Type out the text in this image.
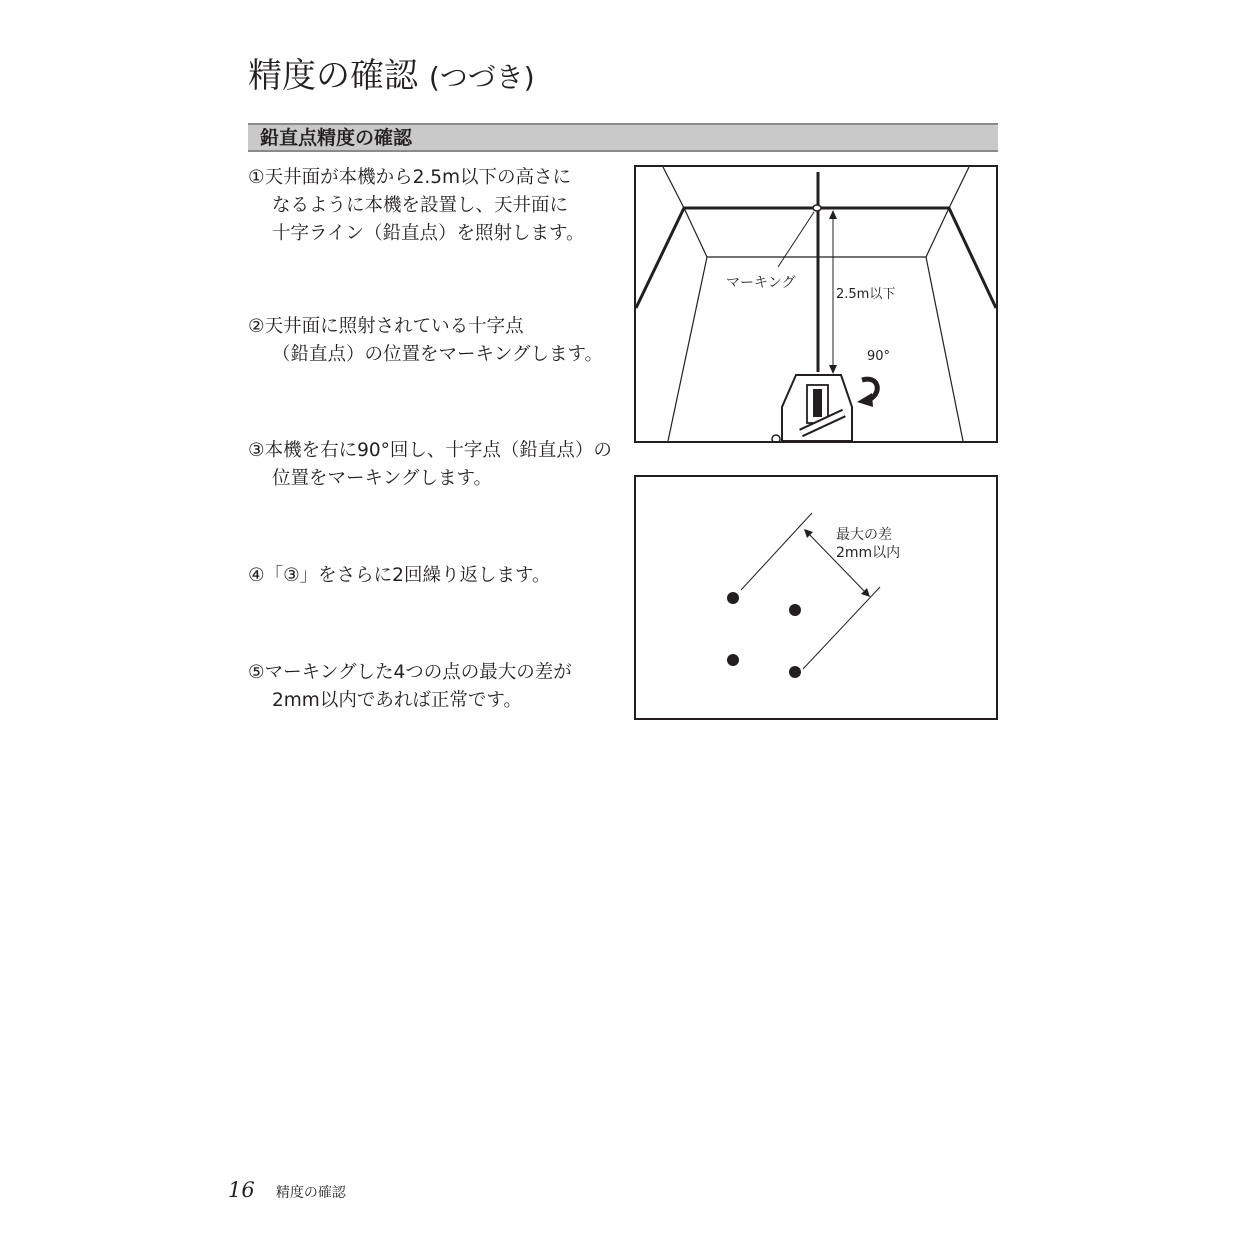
精度の確認 (つづき)
鉛直点精度の確認
①天井面が本機から2.5m以下の高さに
なるように本機を設置し、天井面に
十字ライン（鉛直点）を照射します。
②天井面に照射されている十字点
（鉛直点）の位置をマーキングします。
③本機を右に90°回し、十字点（鉛直点）の
位置をマーキングします。
④「③」をさらに2回繰り返します。
⑤マーキングした4つの点の最大の差が
2mm以内であれば正常です。
マーキング
2.5m以下
90°
最大の差
2mm以内
16 精度の確認
